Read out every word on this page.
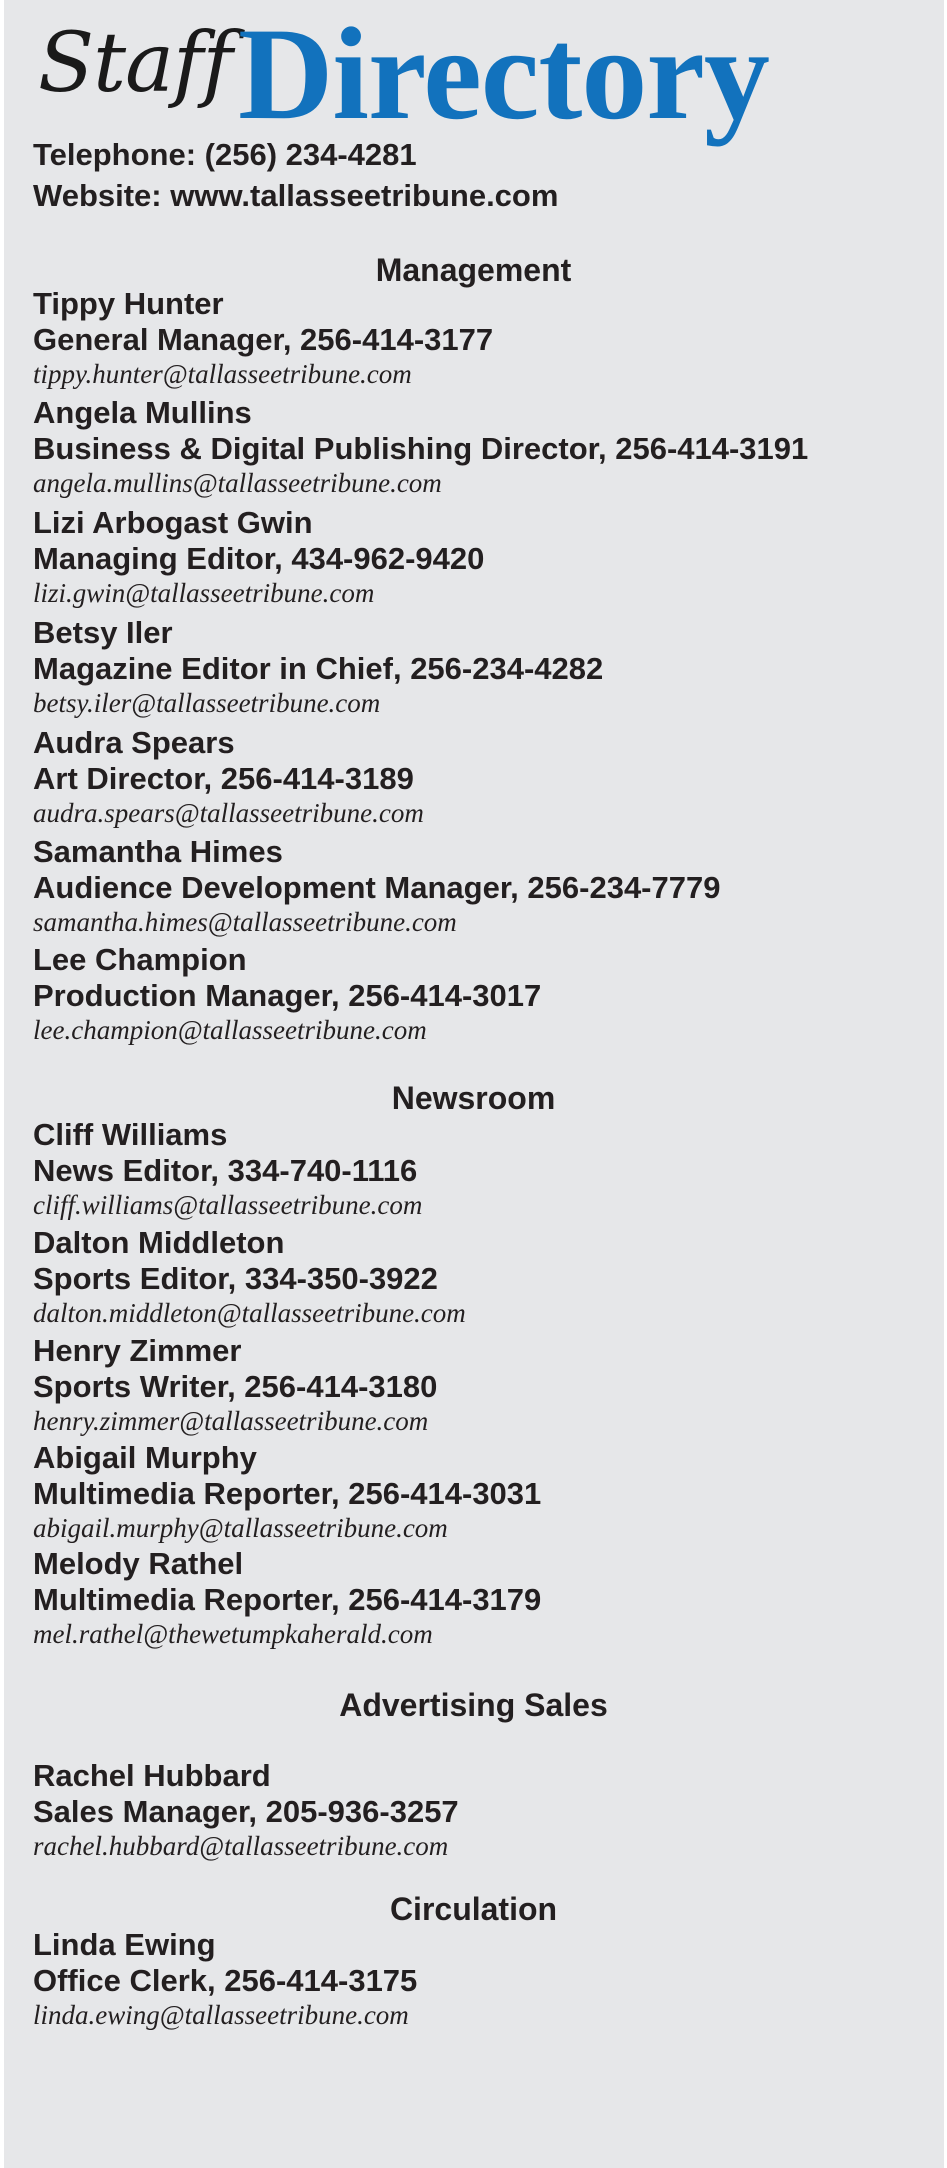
Staff Directory
Telephone: (256) 234-4281
Website: www.tallasseetribune.com
Management
Tippy Hunter
General Manager, 256-414-3177
tippy.hunter@tallasseetribune.com
Angela Mullins
Business & Digital Publishing Director, 256-414-3191
angela.mullins@tallasseetribune.com
Lizi Arbogast Gwin
Managing Editor, 434-962-9420
lizi.gwin@tallasseetribune.com
Betsy Iler
Magazine Editor in Chief, 256-234-4282
betsy.iler@tallasseetribune.com
Audra Spears
Art Director, 256-414-3189
audra.spears@tallasseetribune.com
Samantha Himes
Audience Development Manager, 256-234-7779
samantha.himes@tallasseetribune.com
Lee Champion
Production Manager, 256-414-3017
lee.champion@tallasseetribune.com
Newsroom
Cliff Williams
News Editor, 334-740-1116
cliff.williams@tallasseetribune.com
Dalton Middleton
Sports Editor, 334-350-3922
dalton.middleton@tallasseetribune.com
Henry Zimmer
Sports Writer, 256-414-3180
henry.zimmer@tallasseetribune.com
Abigail Murphy
Multimedia Reporter, 256-414-3031
abigail.murphy@tallasseetribune.com
Melody Rathel
Multimedia Reporter, 256-414-3179
mel.rathel@thewetumpkaherald.com
Advertising Sales
Rachel Hubbard
Sales Manager, 205-936-3257
rachel.hubbard@tallasseetribune.com
Circulation
Linda Ewing
Office Clerk, 256-414-3175
linda.ewing@tallasseetribune.com
